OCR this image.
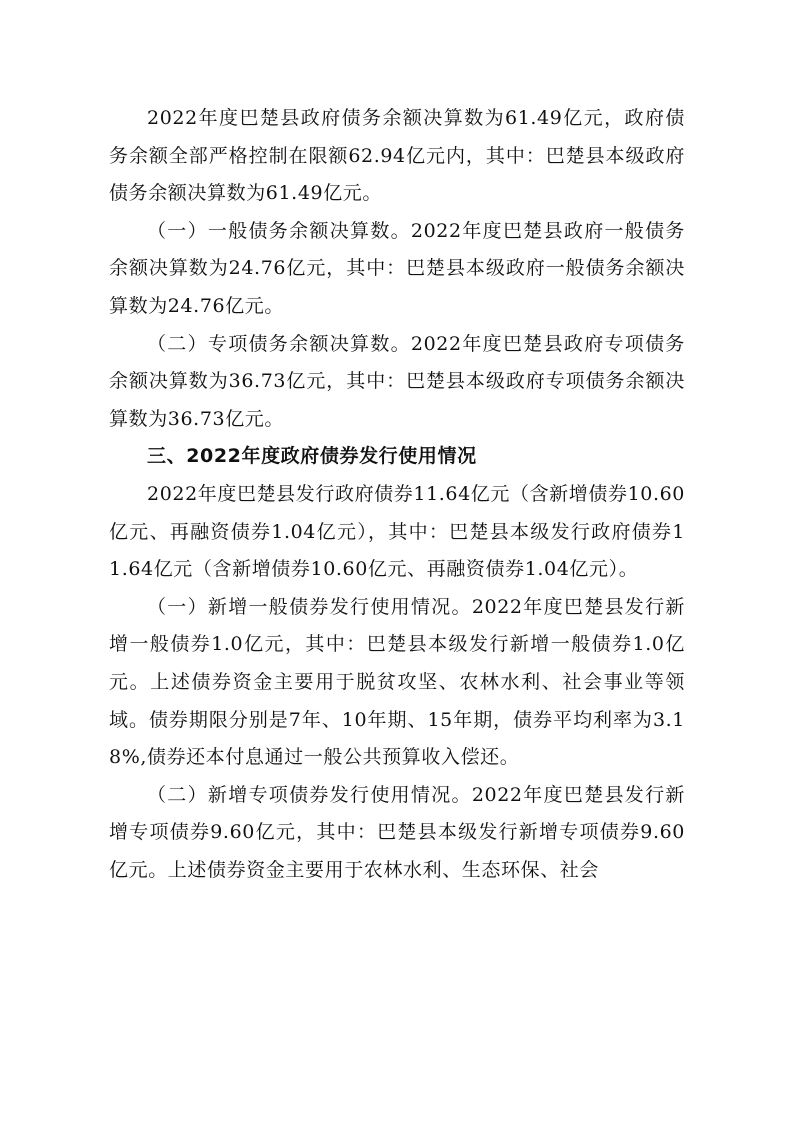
2022年度巴楚县政府债务余额决算数为61.49亿元，政府债务余额全部严格控制在限额62.94亿元内，其中：巴楚县本级政府债务余额决算数为61.49亿元。

（一）一般债务余额决算数。2022年度巴楚县政府一般债务余额决算数为24.76亿元，其中：巴楚县本级政府一般债务余额决算数为24.76亿元。

（二）专项债务余额决算数。2022年度巴楚县政府专项债务余额决算数为36.73亿元，其中：巴楚县本级政府专项债务余额决算数为36.73亿元。

三、2022年度政府债券发行使用情况

2022年度巴楚县发行政府债券11.64亿元（含新增债券10.60亿元、再融资债券1.04亿元），其中：巴楚县本级发行政府债券11.64亿元（含新增债券10.60亿元、再融资债券1.04亿元）。

（一）新增一般债券发行使用情况。2022年度巴楚县发行新增一般债券1.0亿元，其中：巴楚县本级发行新增一般债券1.0亿元。上述债券资金主要用于脱贫攻坚、农林水利、社会事业等领域。债券期限分别是7年、10年期、15年期，债券平均利率为3.18%,债券还本付息通过一般公共预算收入偿还。

（二）新增专项债券发行使用情况。2022年度巴楚县发行新增专项债券9.60亿元，其中：巴楚县本级发行新增专项债券9.60亿元。上述债券资金主要用于农林水利、生态环保、社会
